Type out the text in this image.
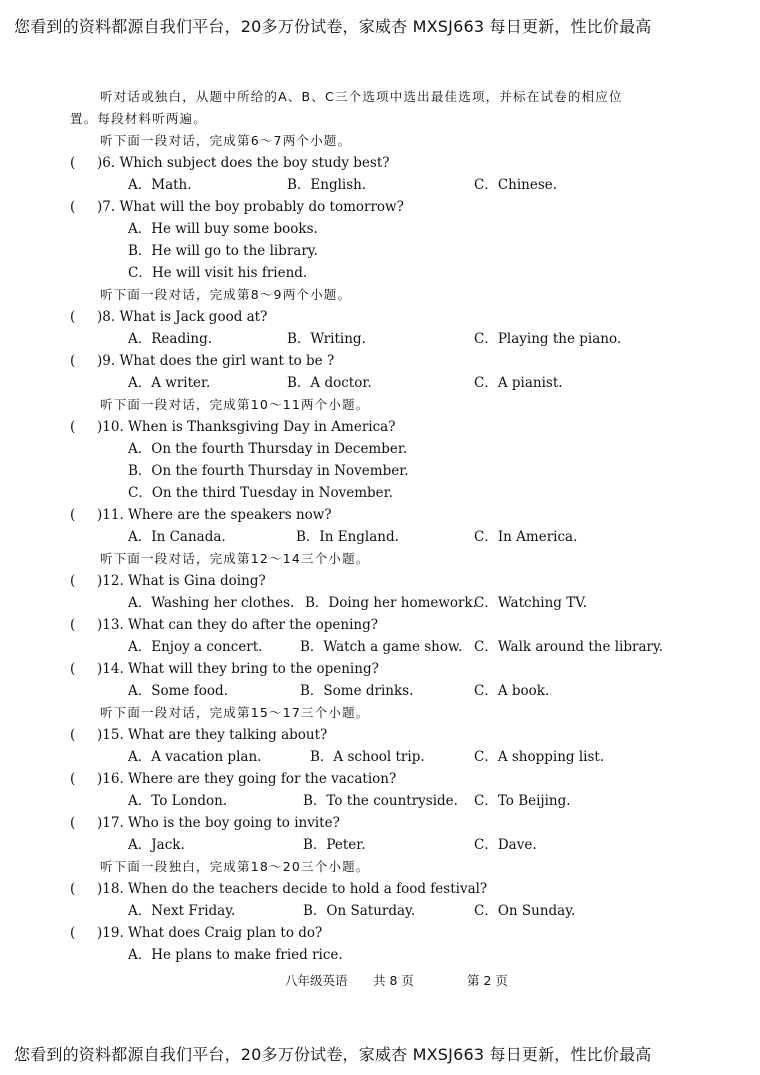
您看到的资料都源自我们平台，20多万份试卷，家威杏 MXSJ663 每日更新，性比价最高
听对话或独白，从题中所给的A、B、C三个选项中选出最佳选项，并标在试卷的相应位
置。每段材料听两遍。
听下面一段对话，完成第6～7两个小题。
( )6. Which subject does the boy study best?
A．Math.	B．English.	C．Chinese.
( )7. What will the boy probably do tomorrow?
A．He will buy some books.
B．He will go to the library.
C．He will visit his friend.
听下面一段对话，完成第8～9两个小题。
( )8. What is Jack good at?
A．Reading.	B．Writing.	C．Playing the piano.
( )9. What does the girl want to be ?
A．A writer.	B．A doctor.	C．A pianist.
听下面一段对话，完成第10～11两个小题。
( )10. When is Thanksgiving Day in America?
A．On the fourth Thursday in December.
B．On the fourth Thursday in November.
C．On the third Tuesday in November.
( )11. Where are the speakers now?
A．In Canada.	B．In England.	C．In America.
听下面一段对话，完成第12～14三个小题。
( )12. What is Gina doing?
A．Washing her clothes. B．Doing her homework.
C．Watching TV.
( )13. What can they do after the opening?
A．Enjoy a concert.	B．Watch a game show. C．Walk around the library.
( )14. What will they bring to the opening?
A．Some food.	B．Some drinks.	C．A book.
听下面一段对话，完成第15～17三个小题。
( )15. What are they talking about?
A．A vacation plan.	B．A school trip.	C．A shopping list.
( )16. Where are they going for the vacation?
A．To London.	B．To the countryside. C．To Beijing.
( )17. Who is the boy going to invite?
A．Jack.	B．Peter.	C．Dave.
听下面一段独白，完成第18～20三个小题。
( )18. When do the teachers decide to hold a food festival?
A．Next Friday.	B．On Saturday.	C．On Sunday.
( )19. What does Craig plan to do?
A．He plans to make fried rice.
八年级英语 共 8 页	第 2 页
您看到的资料都源自我们平台，20多万份试卷，家威杏 MXSJ663 每日更新，性比价最高
